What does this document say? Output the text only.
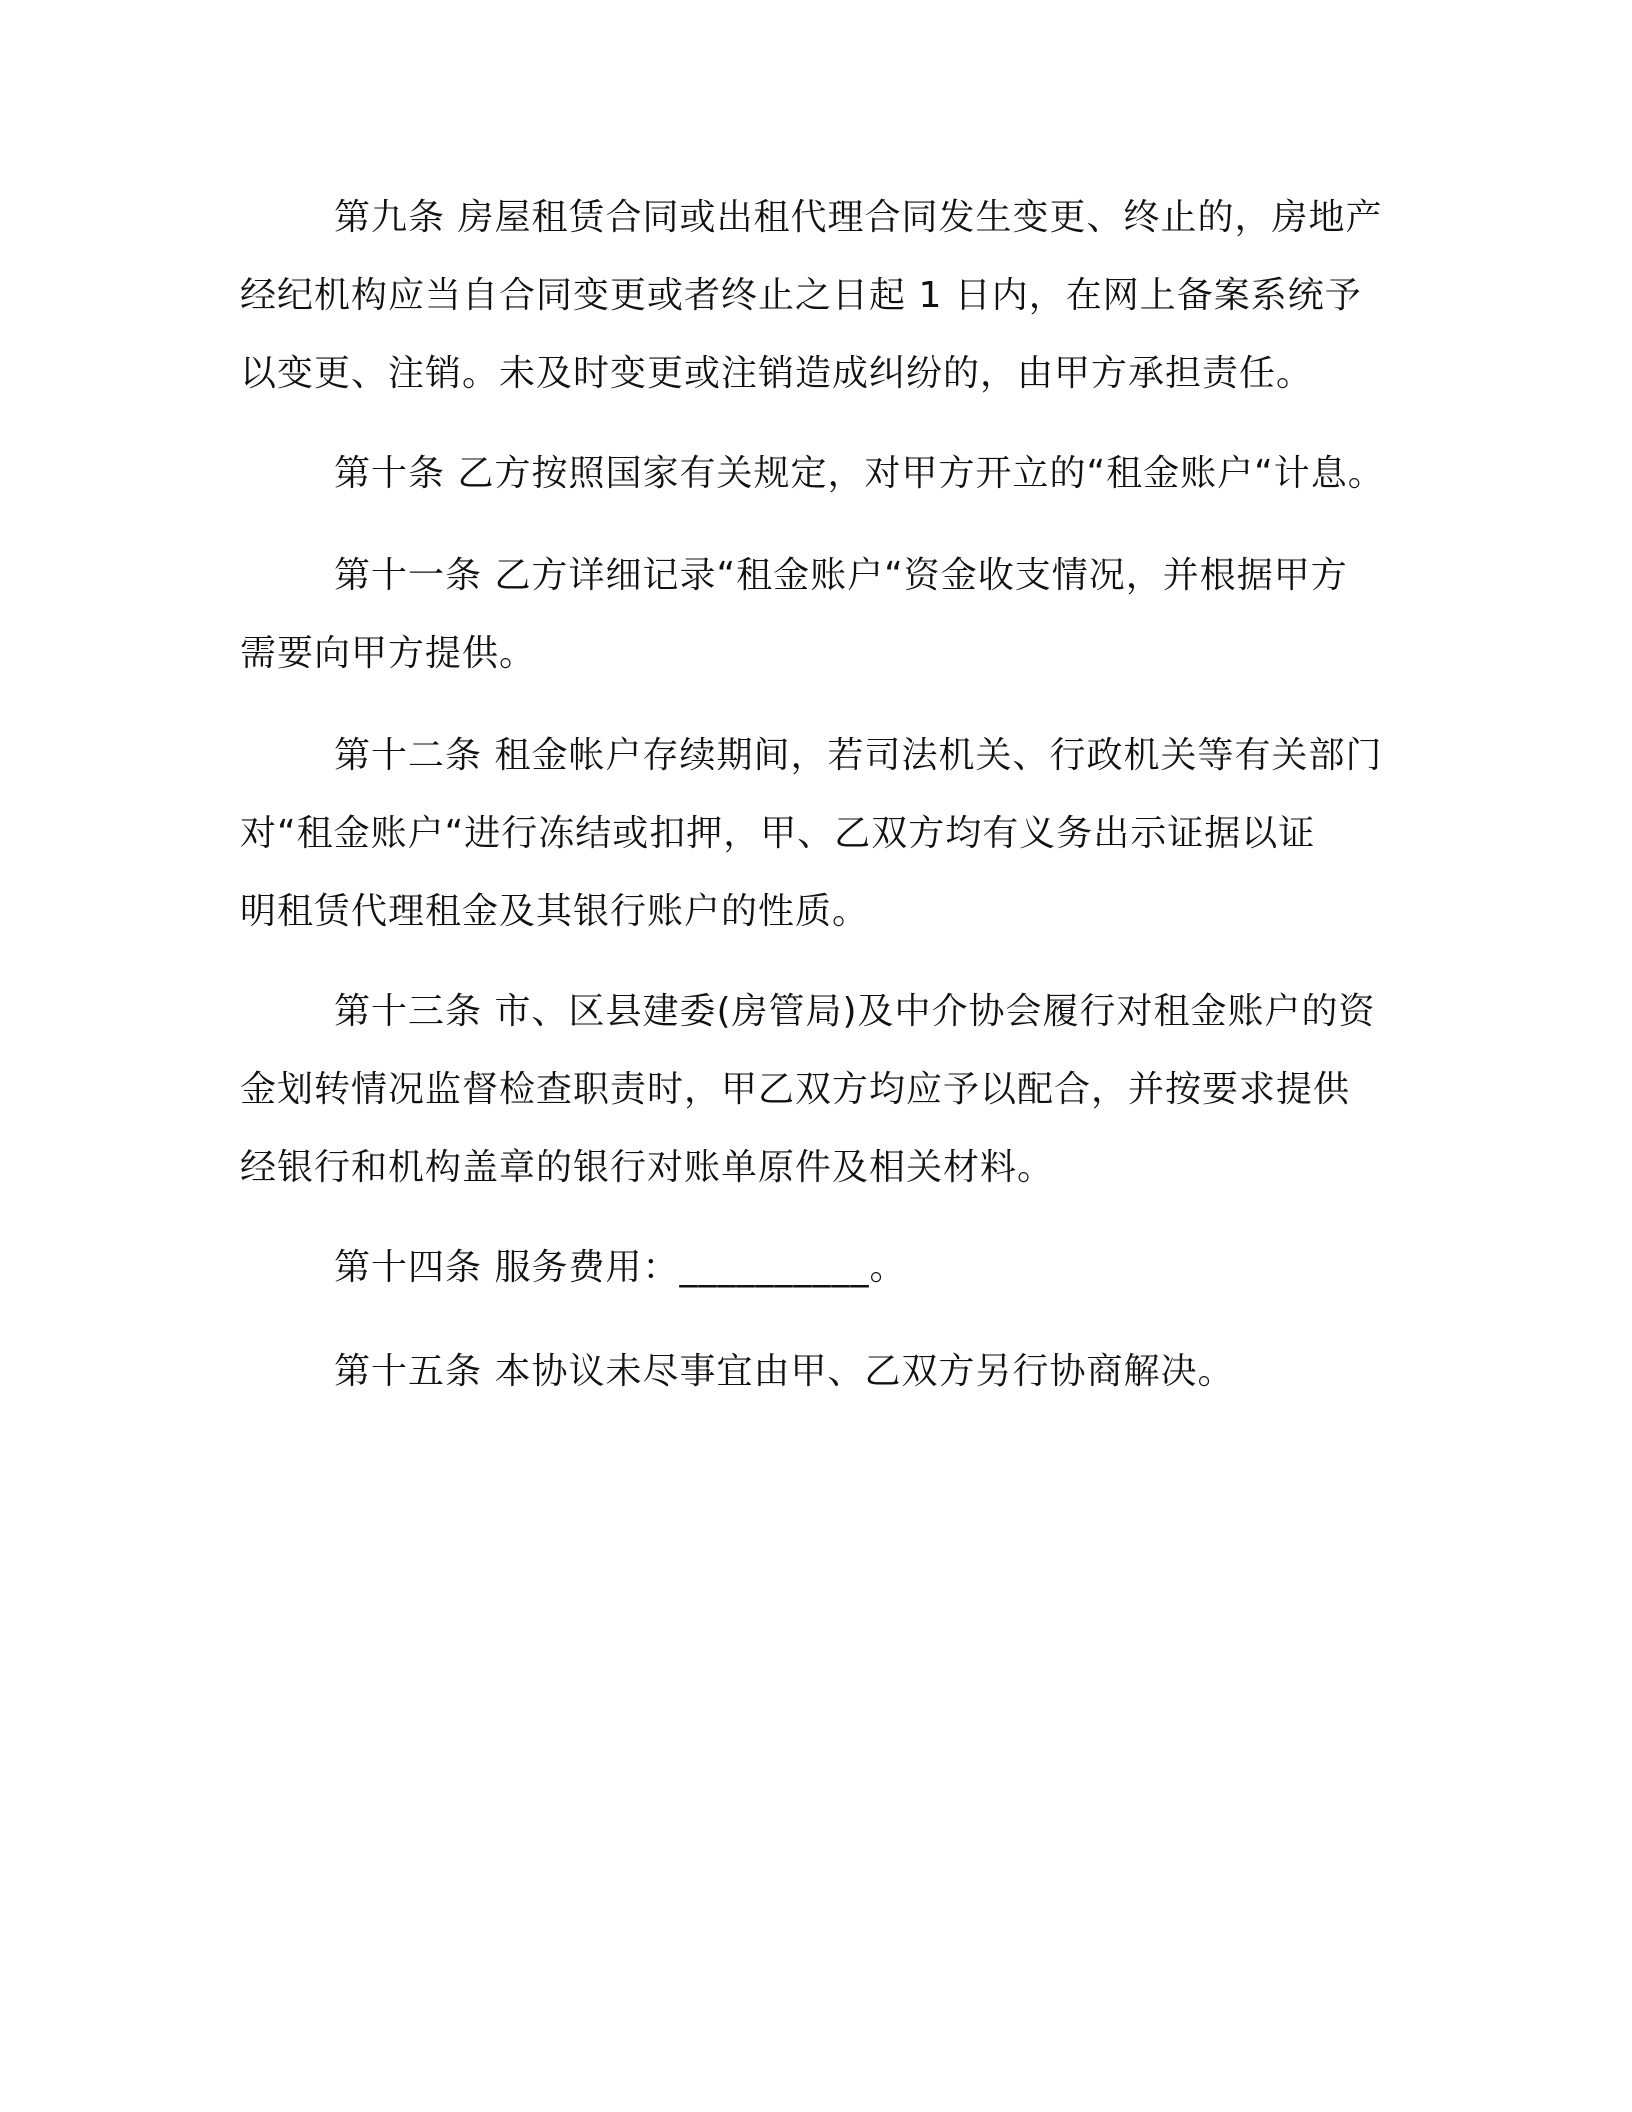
第九条 房屋租赁合同或出租代理合同发生变更、终止的，房地产

经纪机构应当自合同变更或者终止之日起 1 日内，在网上备案系统予

以变更、注销。未及时变更或注销造成纠纷的，由甲方承担责任。

第十条 乙方按照国家有关规定，对甲方开立的“租金账户“计息。

第十一条 乙方详细记录“租金账户“资金收支情况，并根据甲方

需要向甲方提供。

第十二条 租金帐户存续期间，若司法机关、行政机关等有关部门

对“租金账户“进行冻结或扣押，甲、乙双方均有义务出示证据以证

明租赁代理租金及其银行账户的性质。

第十三条 市、区县建委(房管局)及中介协会履行对租金账户的资

金划转情况监督检查职责时，甲乙双方均应予以配合，并按要求提供

经银行和机构盖章的银行对账单原件及相关材料。

第十四条 服务费用：__________。

第十五条 本协议未尽事宜由甲、乙双方另行协商解决。
